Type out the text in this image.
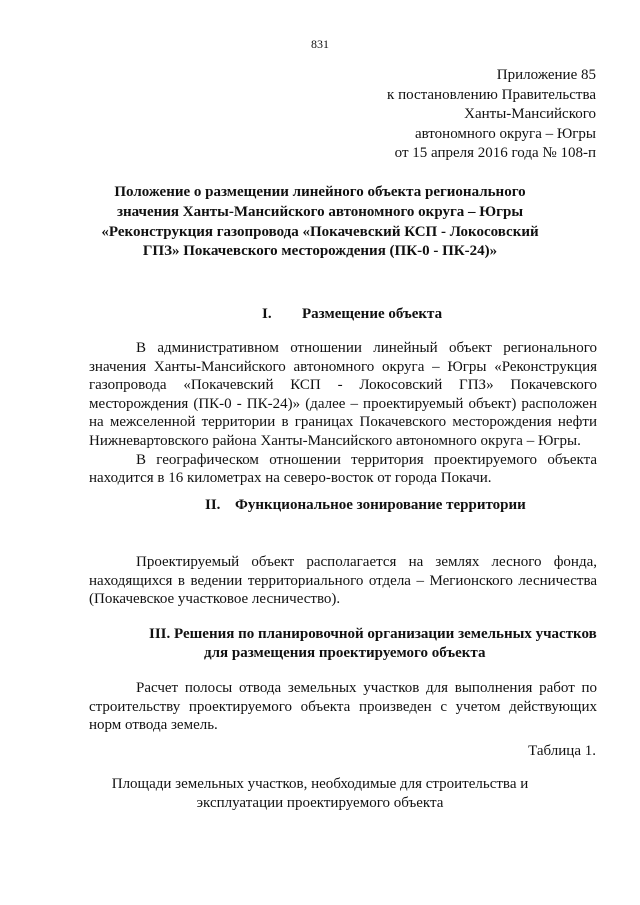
831
Приложение 85
к постановлению Правительства
Ханты-Мансийского
автономного округа – Югры
от 15 апреля 2016 года № 108-п
Положение о размещении линейного объекта регионального значения Ханты-Мансийского автономного округа – Югры «Реконструкция газопровода «Покачевский КСП - Локосовский ГПЗ» Покачевского месторождения (ПК-0 - ПК-24)»
I. Размещение объекта

В административном отношении линейный объект регионального значения Ханты-Мансийского автономного округа – Югры «Реконструкция газопровода «Покачевский КСП - Локосовский ГПЗ» Покачевского месторождения (ПК-0 - ПК-24)» (далее – проектируемый объект) расположен на межселенной территории в границах Покачевского месторождения нефти Нижневартовского района Ханты-Мансийского автономного округа – Югры.

В географическом отношении территория проектируемого объекта находится в 16 километрах на северо-восток от города Покачи.

II. Функциональное зонирование территории

Проектируемый объект располагается на землях лесного фонда, находящихся в ведении территориального отдела – Мегионского лесничества (Покачевское участковое лесничество).

III. Решения по планировочной организации земельных участков
для размещения проектируемого объекта

Расчет полосы отвода земельных участков для выполнения работ по строительству проектируемого объекта произведен с учетом действующих норм отвода земель.

Таблица 1.
Площади земельных участков, необходимые для строительства и
эксплуатации проектируемого объекта
